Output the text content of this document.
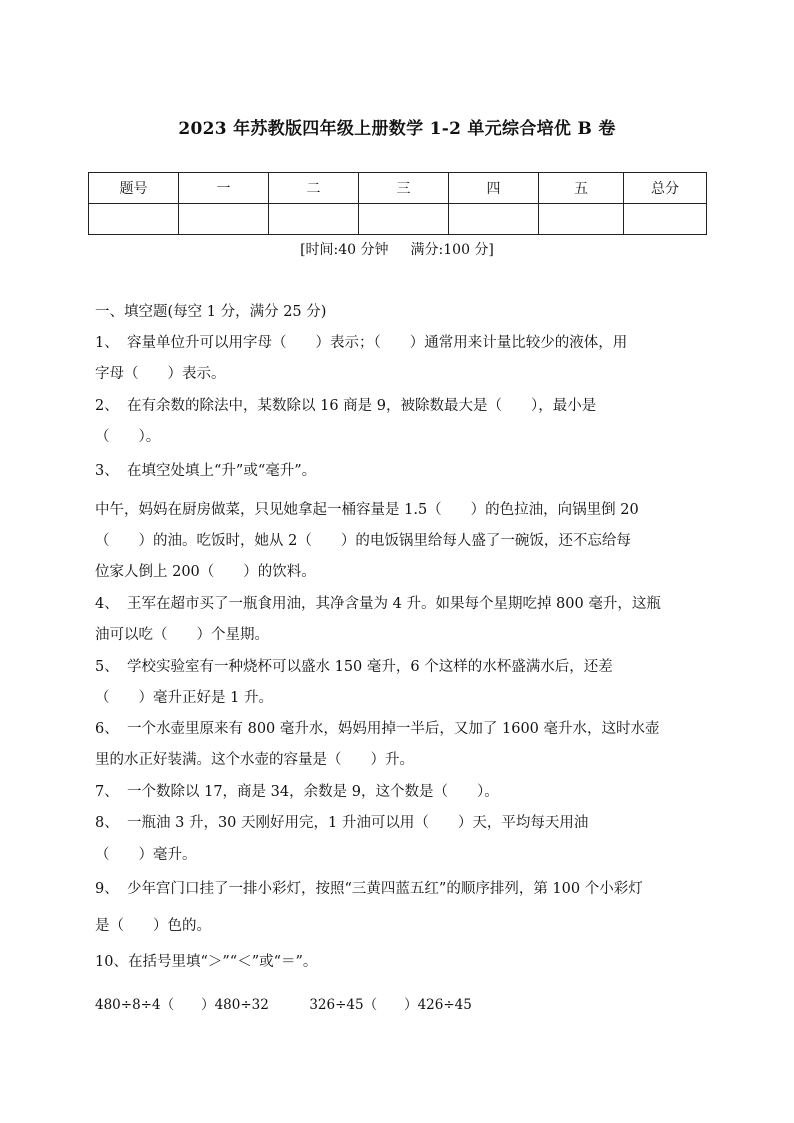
2023 年苏教版四年级上册数学 1-2 单元综合培优 B 卷
题号	一	二	三	四	五	总分

[时间:40 分钟 满分:100 分]
一、填空题(每空 1 分，满分 25 分)
1、 容量单位升可以用字母（　　）表示；（　　）通常用来计量比较少的液体，用
字母（　　）表示。
2、 在有余数的除法中，某数除以 16 商是 9，被除数最大是（　　），最小是
（　　）。
3、 在填空处填上“升”或“毫升”。
中午，妈妈在厨房做菜，只见她拿起一桶容量是 1.5（　　）的色拉油，向锅里倒 20
（　　）的油。吃饭时，她从 2（　　）的电饭锅里给每人盛了一碗饭，还不忘给每
位家人倒上 200（　　）的饮料。
4、 王军在超市买了一瓶食用油，其净含量为 4 升。如果每个星期吃掉 800 毫升，这瓶
油可以吃（　　）个星期。
5、 学校实验室有一种烧杯可以盛水 150 毫升，6 个这样的水杯盛满水后，还差
（　　）毫升正好是 1 升。
6、 一个水壶里原来有 800 毫升水，妈妈用掉一半后，又加了 1600 毫升水，这时水壶
里的水正好装满。这个水壶的容量是（　　）升。
7、 一个数除以 17，商是 34，余数是 9，这个数是（　　）。
8、 一瓶油 3 升，30 天刚好用完，1 升油可以用（　　）天，平均每天用油
（　　）毫升。
9、 少年宫门口挂了一排小彩灯，按照“三黄四蓝五红”的顺序排列，第 100 个小彩灯
是（　　）色的。
10、在括号里填“＞”“＜”或“＝”。
480÷8÷4（　　）480÷32　　　326÷45（　　）426÷45
